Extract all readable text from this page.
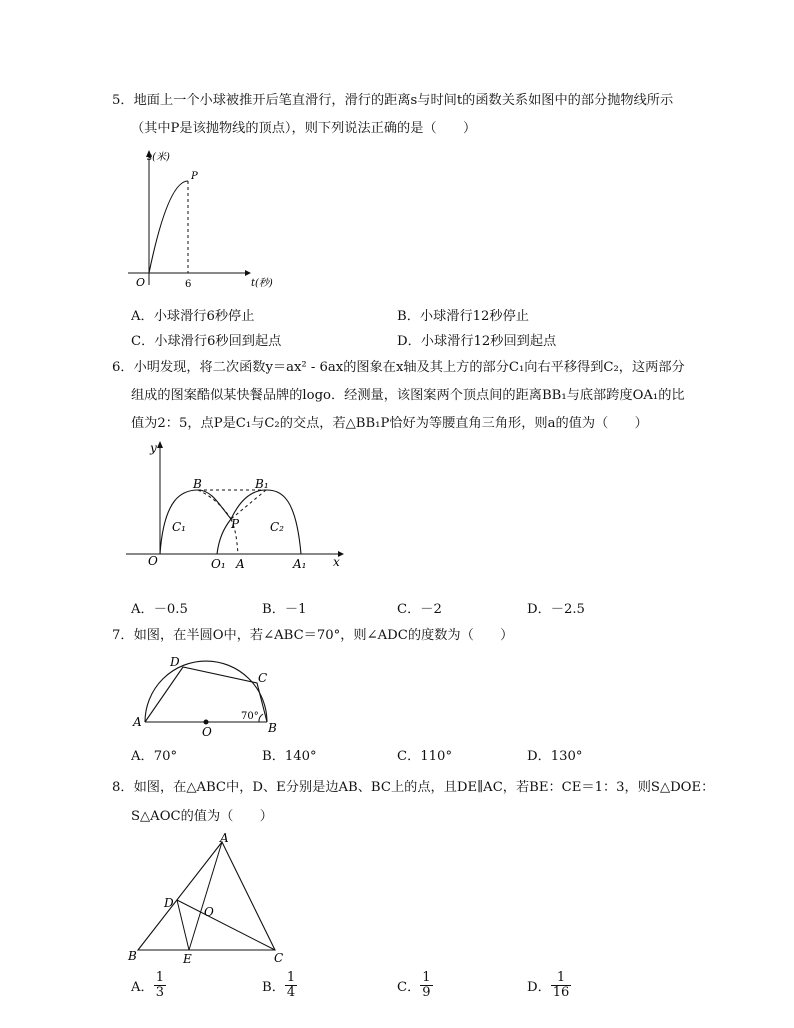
5．地面上一个小球被推开后笔直滑行，滑行的距离s与时间t的函数关系如图中的部分抛物线所示
（其中P是该抛物线的顶点），则下列说法正确的是（　　）
s(米)
t(秒)
O	6
P
A．小球滑行6秒停止	B．小球滑行12秒停止
C．小球滑行6秒回到起点	D．小球滑行12秒回到起点
6．小明发现，将二次函数y＝ax² - 6ax的图象在x轴及其上方的部分C₁向右平移得到C₂，这两部分
组成的图案酷似某快餐品牌的logo．经测量，该图案两个顶点间的距离BB₁与底部跨度OA₁的比
值为2：5，点P是C₁与C₂的交点，若△BB₁P恰好为等腰直角三角形，则a的值为（　　）
B	B₁
P
C₁	C₂
O	O₁ A	A₁ x
y
A．－0.5	B．－1	C．－2	D．－2.5
7．如图，在半圆O中，若∠ABC＝70°，则∠ADC的度数为（　　）
A	B
C
D
O
70°
A．70°	B．140°	C．110°	D．130°
8．如图，在△ABC中，D、E分别是边AB、BC上的点，且DE∥AC，若BE：CE＝1：3，则S△DOE：
S△AOC的值为（　　）
A
B	C
D
E
O
A． $\frac{1}{3}$	B． $\frac{1}{4}$	C． $\frac{1}{9}$	D． $\frac{1}{16}$
